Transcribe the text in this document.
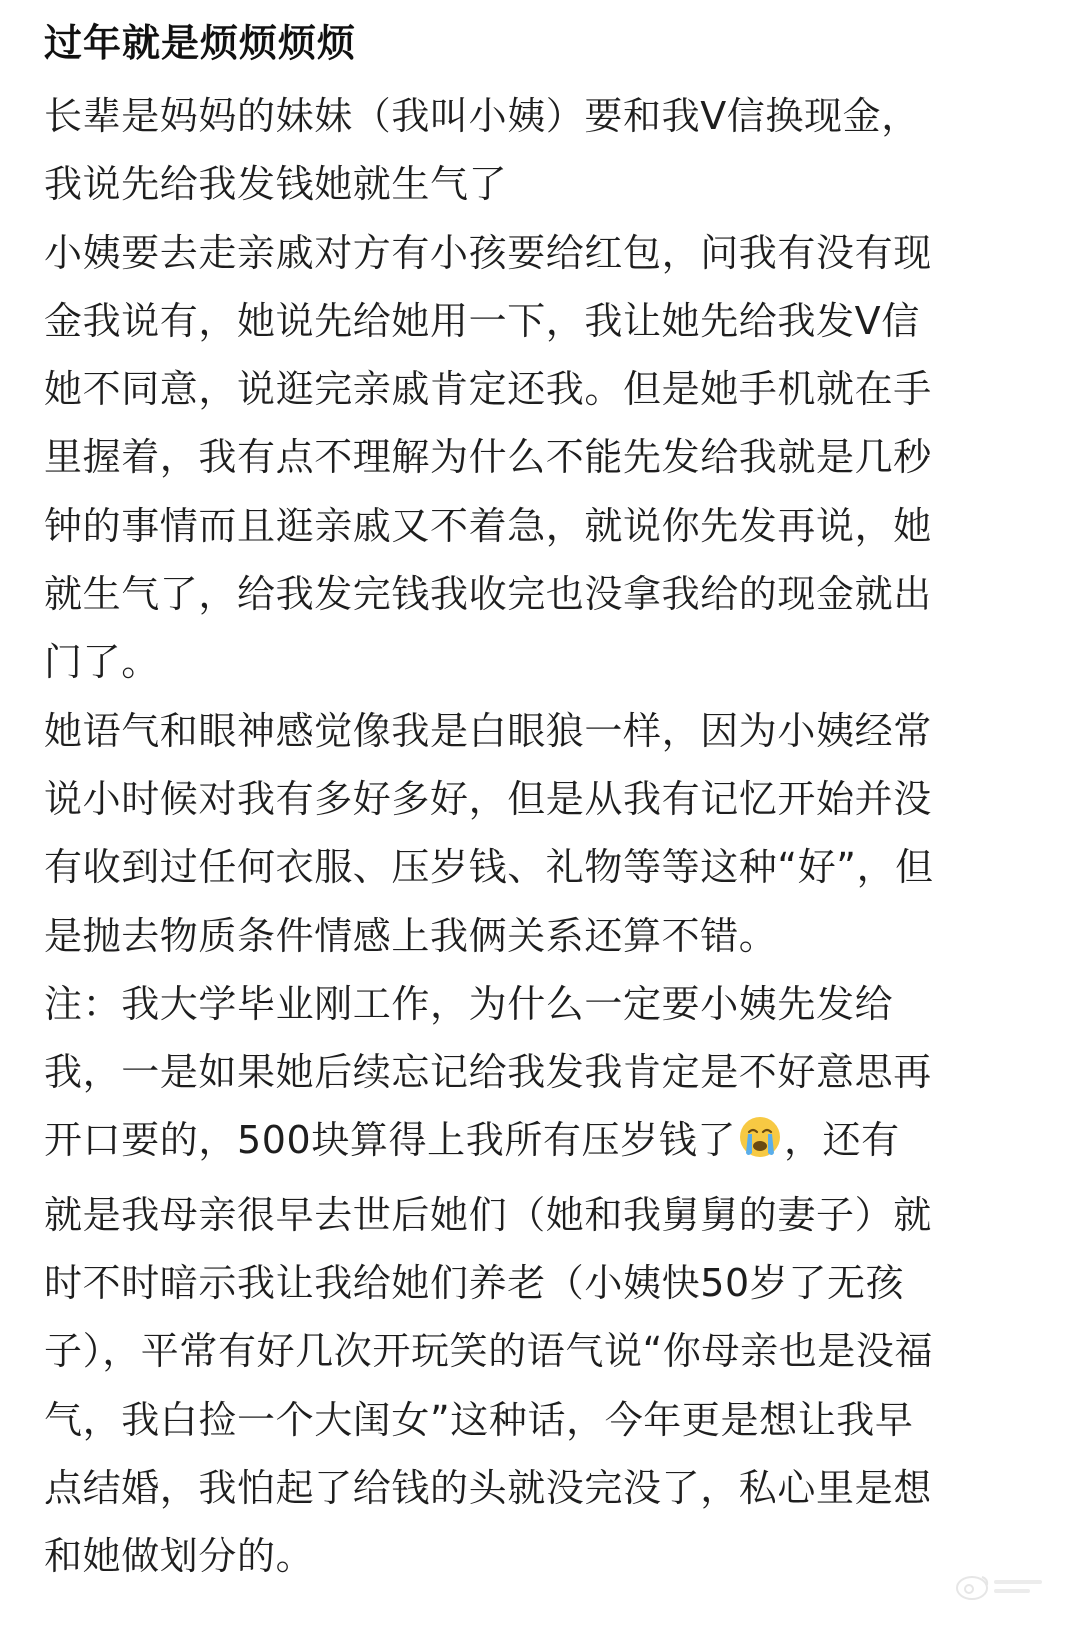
过年就是烦烦烦烦
长辈是妈妈的妹妹（我叫小姨）要和我V信换现金，
我说先给我发钱她就生气了
小姨要去走亲戚对方有小孩要给红包，问我有没有现
金我说有，她说先给她用一下，我让她先给我发V信
她不同意，说逛完亲戚肯定还我。但是她手机就在手
里握着，我有点不理解为什么不能先发给我就是几秒
钟的事情而且逛亲戚又不着急，就说你先发再说，她
就生气了，给我发完钱我收完也没拿我给的现金就出
门了。
她语气和眼神感觉像我是白眼狼一样，因为小姨经常
说小时候对我有多好多好，但是从我有记忆开始并没
有收到过任何衣服、压岁钱、礼物等等这种“好”，但
是抛去物质条件情感上我俩关系还算不错。
注：我大学毕业刚工作，为什么一定要小姨先发给
我，一是如果她后续忘记给我发我肯定是不好意思再
开口要的，500块算得上我所有压岁钱了 ，还有
就是我母亲很早去世后她们（她和我舅舅的妻子）就
时不时暗示我让我给她们养老（小姨快50岁了无孩
子），平常有好几次开玩笑的语气说“你母亲也是没福
气，我白捡一个大闺女”这种话，今年更是想让我早
点结婚，我怕起了给钱的头就没完没了，私心里是想
和她做划分的。
